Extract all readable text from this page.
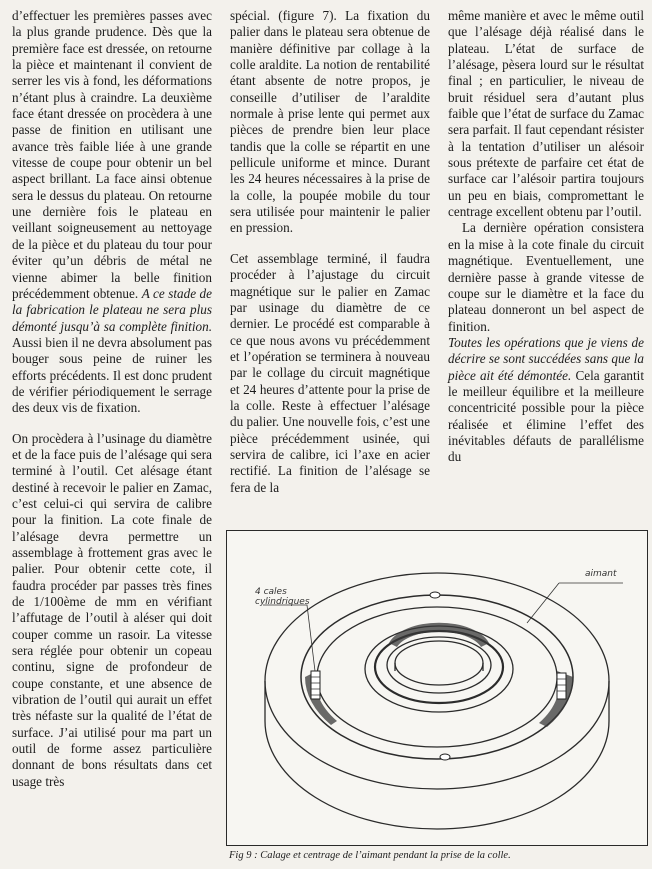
d’effectuer les premières passes avec la plus grande prudence. Dès que la première face est dressée, on retourne la pièce et maintenant il convient de serrer les vis à fond, les déformations n’étant plus à craindre. La deuxième face étant dressée on procèdera à une passe de finition en utilisant une avance très faible liée à une grande vitesse de coupe pour obtenir un bel aspect brillant. La face ainsi obtenue sera le dessus du plateau. On retourne une dernière fois le plateau en veillant soigneusement au nettoyage de la pièce et du plateau du tour pour éviter qu’un débris de métal ne vienne abimer la belle finition précédemment obtenue. A ce stade de la fabrication le plateau ne sera plus démonté jusqu’à sa complète finition. Aussi bien il ne devra absolument pas bouger sous peine de ruiner les efforts précédents. Il est donc prudent de vérifier périodiquement le serrage des deux vis de fixation.

On procèdera à l’usinage du diamètre et de la face puis de l’alésage qui sera terminé à l’outil. Cet alésage étant destiné à recevoir le palier en Zamac, c’est celui-ci qui servira de calibre pour la finition. La cote finale de l’alésage devra permettre un assemblage à frottement gras avec le palier. Pour obtenir cette cote, il faudra procéder par passes très fines de 1/100ème de mm en vérifiant l’affutage de l’outil à aléser qui doit couper comme un rasoir. La vitesse sera réglée pour obtenir un copeau continu, signe de profondeur de coupe constante, et une absence de vibration de l’outil qui aurait un effet très néfaste sur la qualité de l’état de surface. J’ai utilisé pour ma part un outil de forme assez particulière donnant de bons résultats dans cet usage très

spécial. (figure 7). La fixation du palier dans le plateau sera obtenue de manière définitive par collage à la colle araldite. La notion de rentabilité étant absente de notre propos, je conseille d’utiliser de l’araldite normale à prise lente qui permet aux pièces de prendre bien leur place tandis que la colle se répartit en une pellicule uniforme et mince. Durant les 24 heures nécessaires à la prise de la colle, la poupée mobile du tour sera utilisée pour maintenir le palier en pression.

Cet assemblage terminé, il faudra procéder à l’ajustage du circuit magnétique sur le palier en Zamac par usinage du diamètre de ce dernier. Le procédé est comparable à ce que nous avons vu précédemment et l’opération se terminera à nouveau par le collage du circuit magnétique et 24 heures d’attente pour la prise de la colle. Reste à effectuer l’alésage du palier. Une nouvelle fois, c’est une pièce précédemment usinée, qui servira de calibre, ici l’axe en acier rectifié. La finition de l’alésage se fera de la

même manière et avec le même outil que l’alésage déjà réalisé dans le plateau. L’état de surface de l’alésage, pèsera lourd sur le résultat final ; en particulier, le niveau de bruit résiduel sera d’autant plus faible que l’état de surface du Zamac sera parfait. Il faut cependant résister à la tentation d’utiliser un alésoir sous prétexte de parfaire cet état de surface car l’alésoir partira toujours un peu en biais, compromettant le centrage excellent obtenu par l’outil.

La dernière opération consistera en la mise à la cote finale du circuit magnétique. Eventuellement, une dernière passe à grande vitesse de coupe sur le diamètre et la face du plateau donneront un bel aspect de finition.

Toutes les opérations que je viens de décrire se sont succédées sans que la pièce ait été démontée. Cela garantit le meilleur équilibre et la meilleure concentricité possible pour la pièce réalisée et élimine l’effet des inévitables défauts de parallélisme du

4 cales cylindriques
aimant
Fig 9 : Calage et centrage de l’aimant pendant la prise de la colle.
